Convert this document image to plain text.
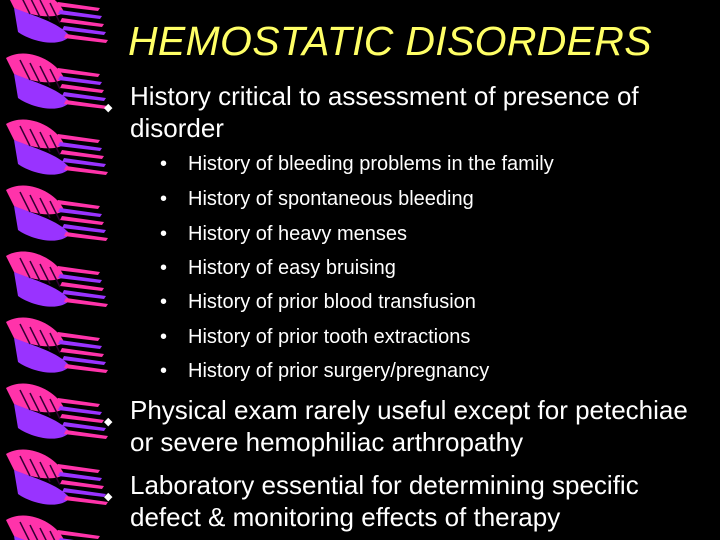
HEMOSTATIC DISORDERS
◆ History critical to assessment of presence of disorder
• History of bleeding problems in the family
• History of spontaneous bleeding
• History of heavy menses
• History of easy bruising
• History of prior blood transfusion
• History of prior tooth extractions
• History of prior surgery/pregnancy
◆ Physical exam rarely useful except for petechiae or severe hemophiliac arthropathy
◆ Laboratory essential for determining specific defect & monitoring effects of therapy
